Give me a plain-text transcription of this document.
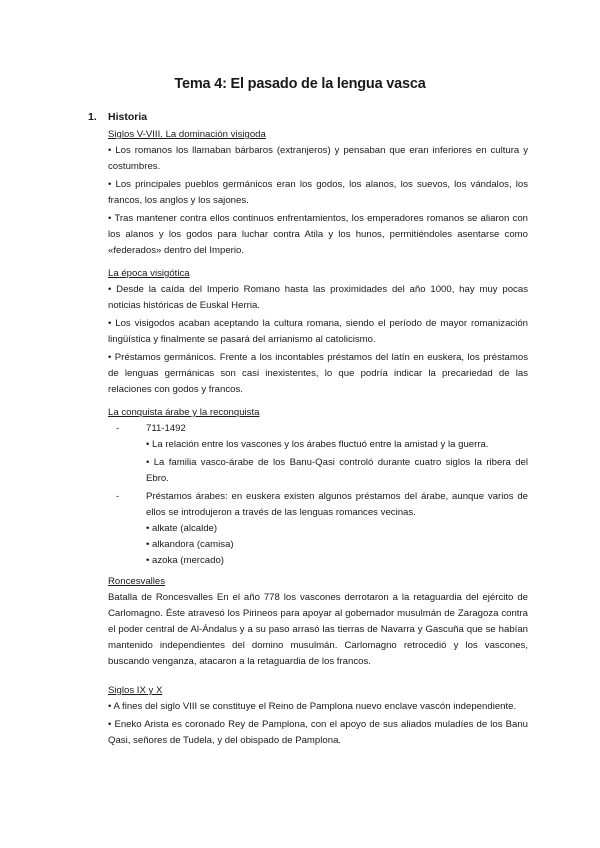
Tema 4: El pasado de la lengua vasca
1. Historia
Siglos V-VIII. La dominación visigoda

• Los romanos los llamaban bárbaros (extranjeros) y pensaban que eran inferiores en cultura y costumbres.

• Los principales pueblos germánicos eran los godos, los alanos, los suevos, los vándalos, los francos, los anglos y los sajones.

• Tras mantener contra ellos continuos enfrentamientos, los emperadores romanos se aliaron con los alanos y los godos para luchar contra Atila y los hunos, permitiéndoles asentarse como «federados» dentro del Imperio.

La época visigótica

• Desde la caída del Imperio Romano hasta las proximidades del año 1000, hay muy pocas noticias históricas de Euskal Herria.

• Los visigodos acaban aceptando la cultura romana, siendo el período de mayor romanización lingüística y finalmente se pasará del arrianismo al catolicismo.

• Préstamos germánicos. Frente a los incontables préstamos del latín en euskera, los préstamos de lenguas germánicas son casi inexistentes, lo que podría indicar la precariedad de las relaciones con godos y francos.

La conquista árabe y la reconquista
-	711-1492

• La relación entre los vascones y los árabes fluctuó entre la amistad y la guerra.

• La familia vasco-árabe de los Banu-Qasi controló durante cuatro siglos la ribera del Ebro.

-	Préstamos árabes: en euskera existen algunos préstamos del árabe, aunque varios de ellos se introdujeron a través de las lenguas romances vecinas.

• alkate (alcalde)
• alkandora (camisa)
• azoka (mercado)
Roncesvalles

Batalla de Roncesvalles En el año 778 los vascones derrotaron a la retaguardia del ejército de Carlomagno. Éste atravesó los Pirineos para apoyar al gobernador musulmán de Zaragoza contra el poder central de Al-Ándalus y a su paso arrasó las tierras de Navarra y Gascuña que se habían mantenido independientes del domino musulmán. Carlomagno retrocedió y los vascones, buscando venganza, atacaron a la retaguardia de los francos.

Siglos IX y X

• A fines del siglo VIII se constituye el Reino de Pamplona nuevo enclave vascón independiente.

• Eneko Arista es coronado Rey de Pamplona, con el apoyo de sus aliados muladíes de los Banu Qasi, señores de Tudela, y del obispado de Pamplona.
